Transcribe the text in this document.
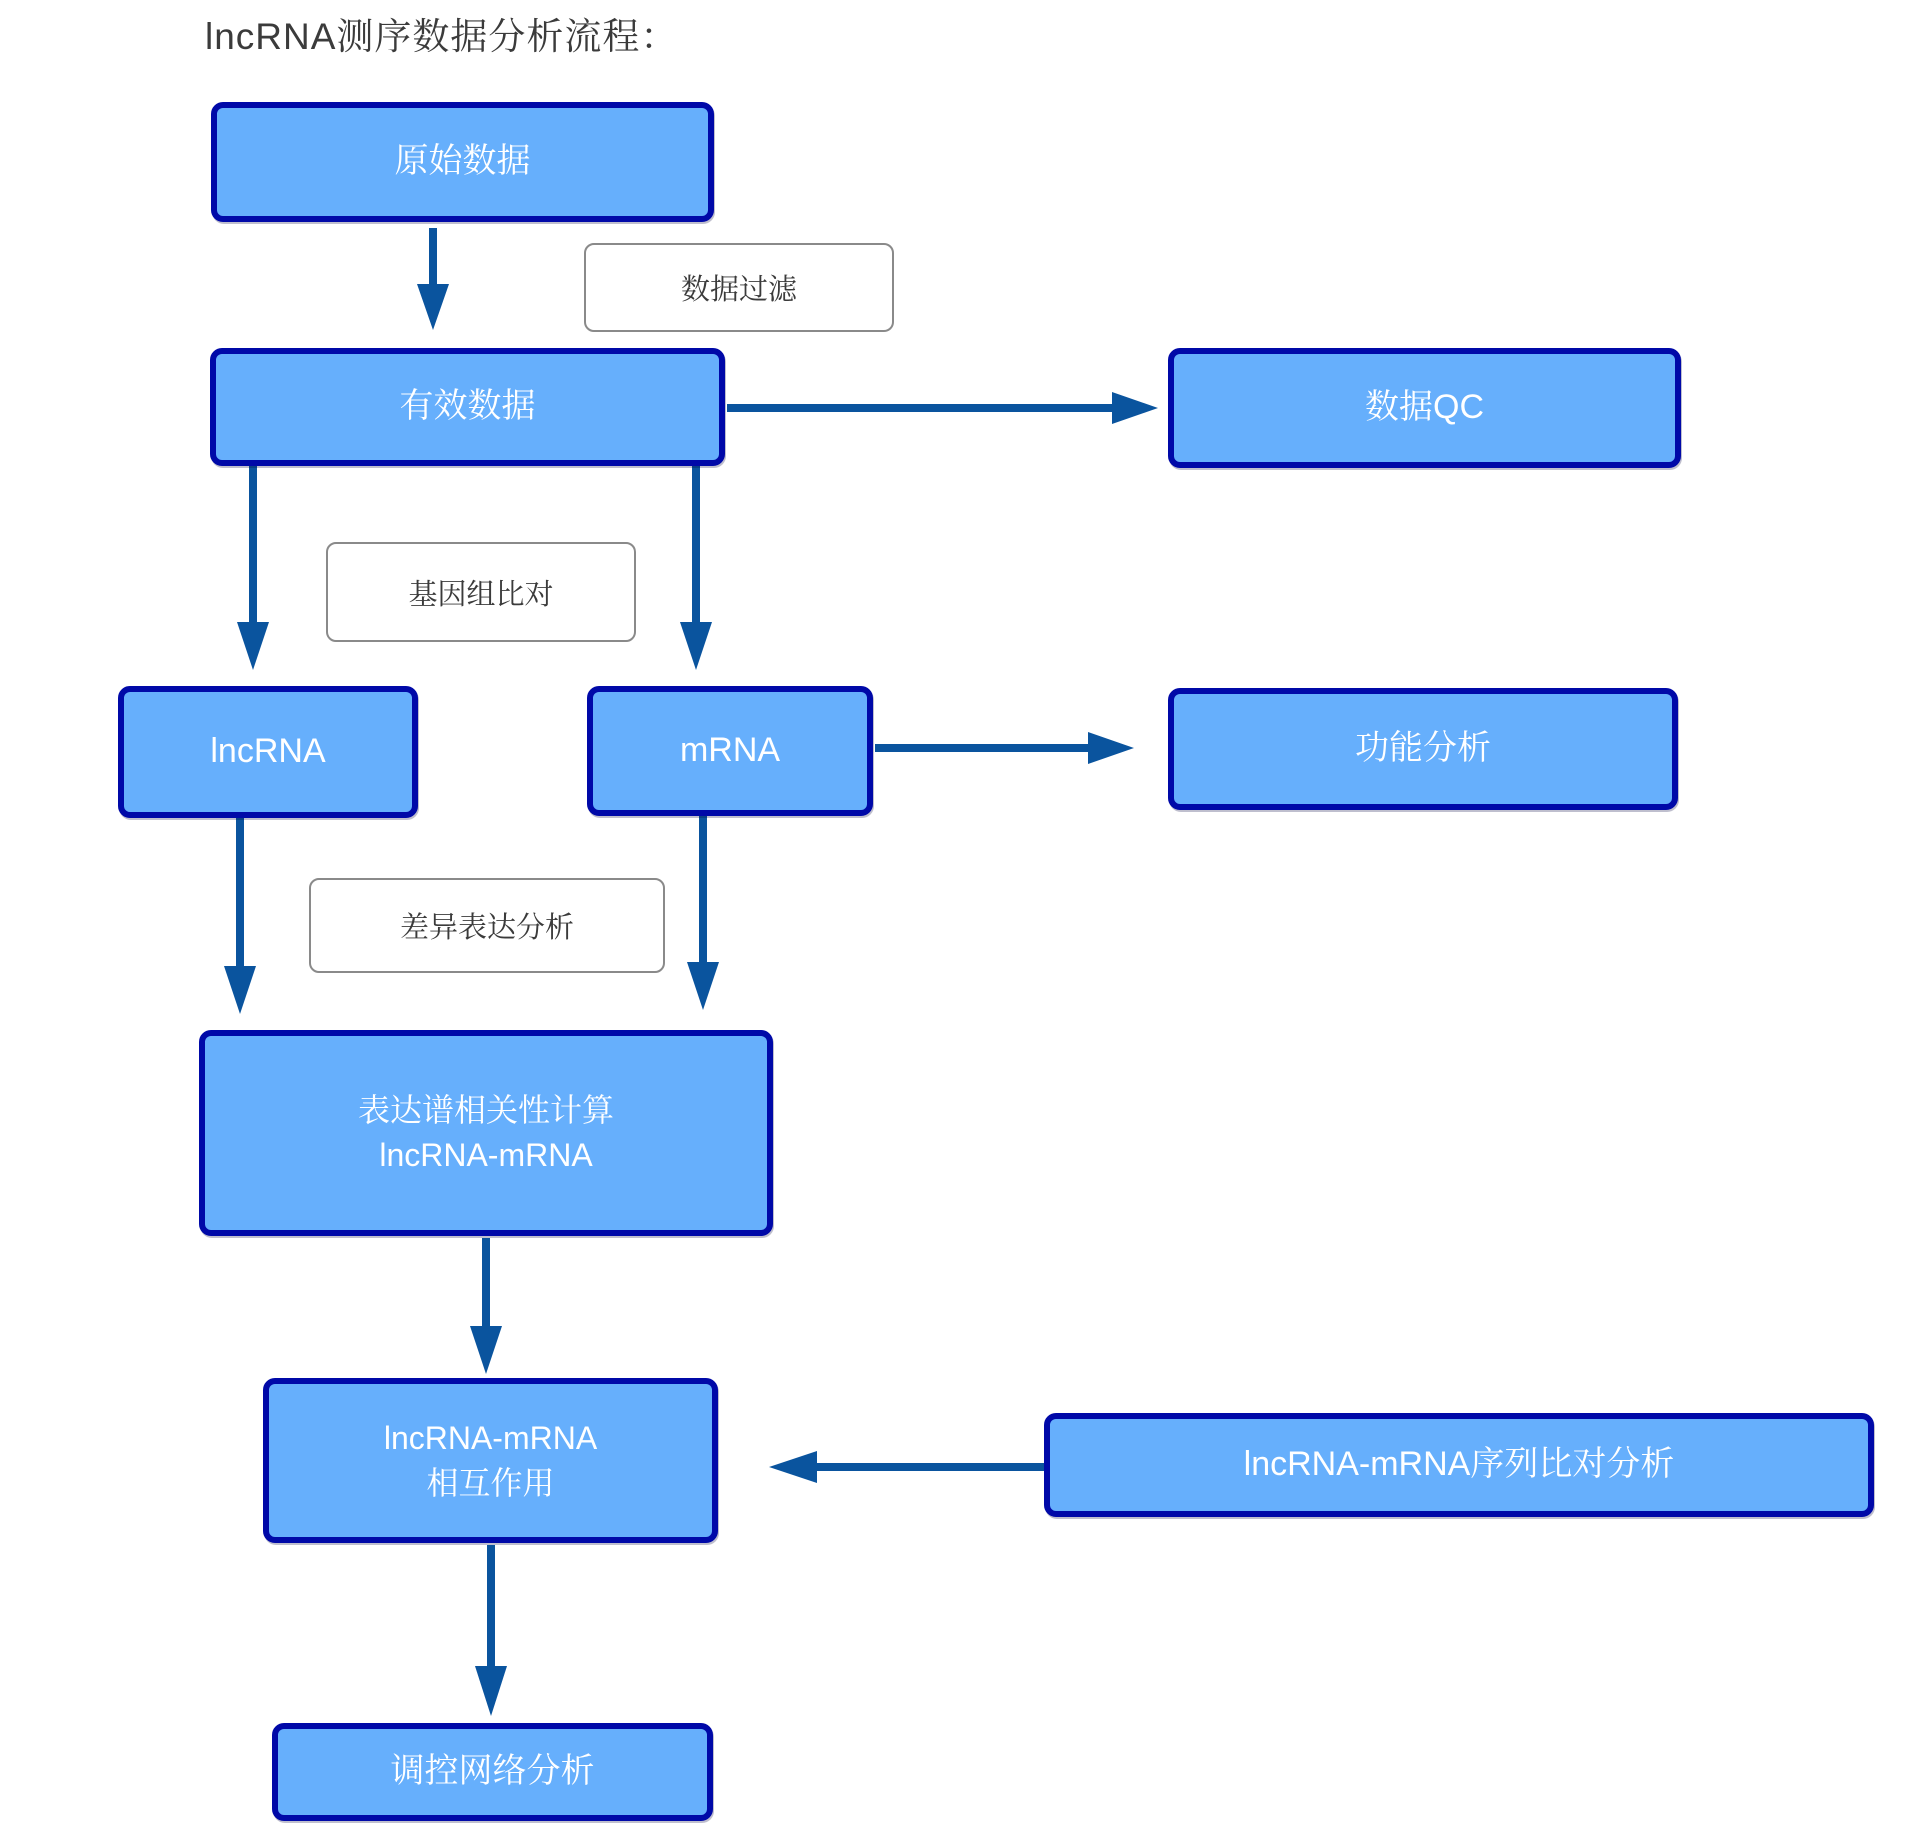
lncRNA测序数据分析流程：
原始数据
数据过滤
有效数据	数据QC
基因组比对
lncRNA	mRNA	功能分析
差异表达分析
表达谱相关性计算
lncRNA-mRNA
lncRNA-mRNA
相互作用	lncRNA-mRNA序列比对分析
调控网络分析
